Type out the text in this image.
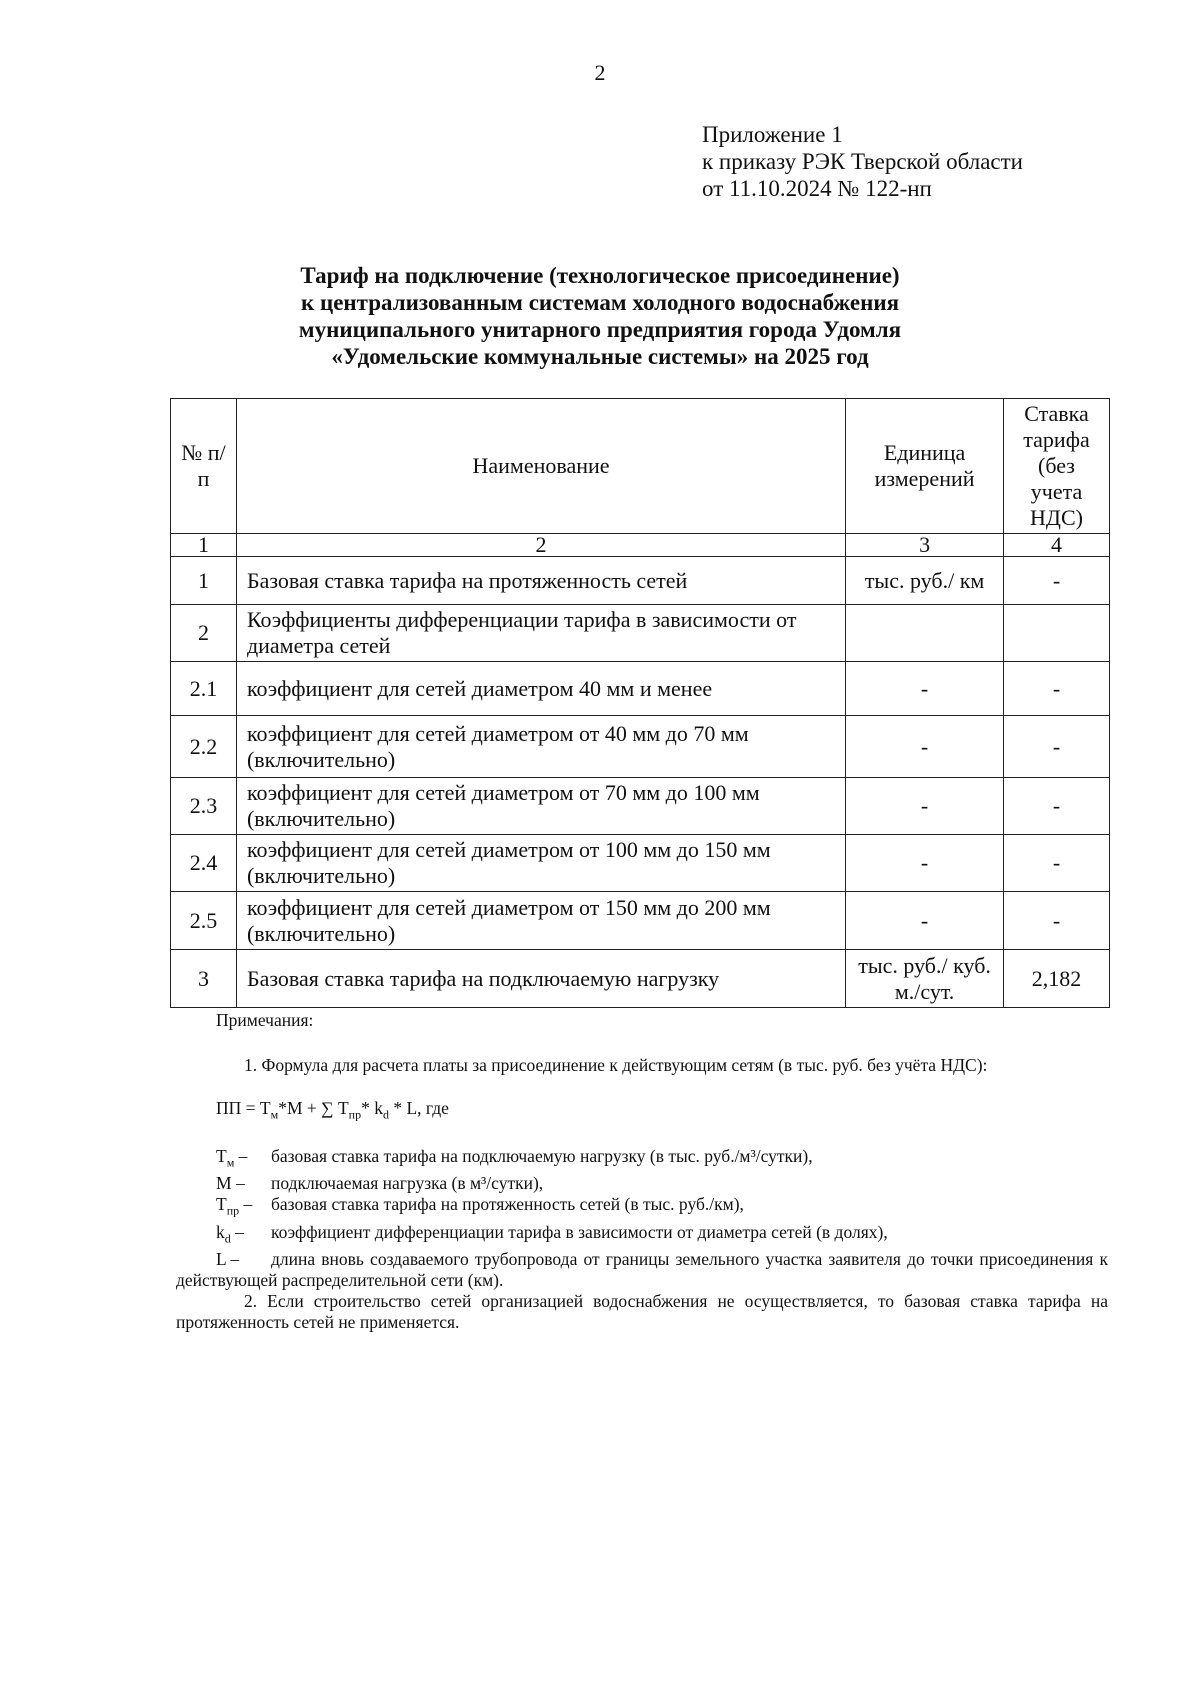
2
Приложение 1
к приказу РЭК Тверской области
от 11.10.2024 № 122-нп
Тариф на подключение (технологическое присоединение)
к централизованным системам холодного водоснабжения
муниципального унитарного предприятия города Удомля
«Удомельские коммунальные системы» на 2025 год
№ п/п	Наименование	Единица измерений	Ставка тарифа (без учета НДС)
1	2	3	4
1	Базовая ставка тарифа на протяженность сетей	тыс. руб./ км	-
2	Коэффициенты дифференциации тарифа в зависимости от диаметра сетей		
2.1	коэффициент для сетей диаметром 40 мм и менее	-	-
2.2	коэффициент для сетей диаметром от 40 мм до 70 мм (включительно)	-	-
2.3	коэффициент для сетей диаметром от 70 мм до 100 мм (включительно)	-	-
2.4	коэффициент для сетей диаметром от 100 мм до 150 мм (включительно)	-	-
2.5	коэффициент для сетей диаметром от 150 мм до 200 мм (включительно)	-	-
3	Базовая ставка тарифа на подключаемую нагрузку	тыс. руб./ куб. м./сут.	2,182

Примечания:

1. Формула для расчета платы за присоединение к действующим сетям (в тыс. руб. без учёта НДС):

ПП = $Т_м*М$ + ∑ $Т_{пр}*$ $k_d$ * L, где

$Т_м$ –	базовая ставка тарифа на подключаемую нагрузку (в тыс. руб./м³/сутки),
М –	подключаемая нагрузка (в м³/сутки),
$Т_{пр}$ –	базовая ставка тарифа на протяженность сетей (в тыс. руб./км),
$k_d$ –	коэффициент дифференциации тарифа в зависимости от диаметра сетей (в долях),

L – длина вновь создаваемого трубопровода от границы земельного участка заявителя до точки присоединения к действующей распределительной сети (км).

2. Если строительство сетей организацией водоснабжения не осуществляется, то базовая ставка тарифа на протяженность сетей не применяется.
